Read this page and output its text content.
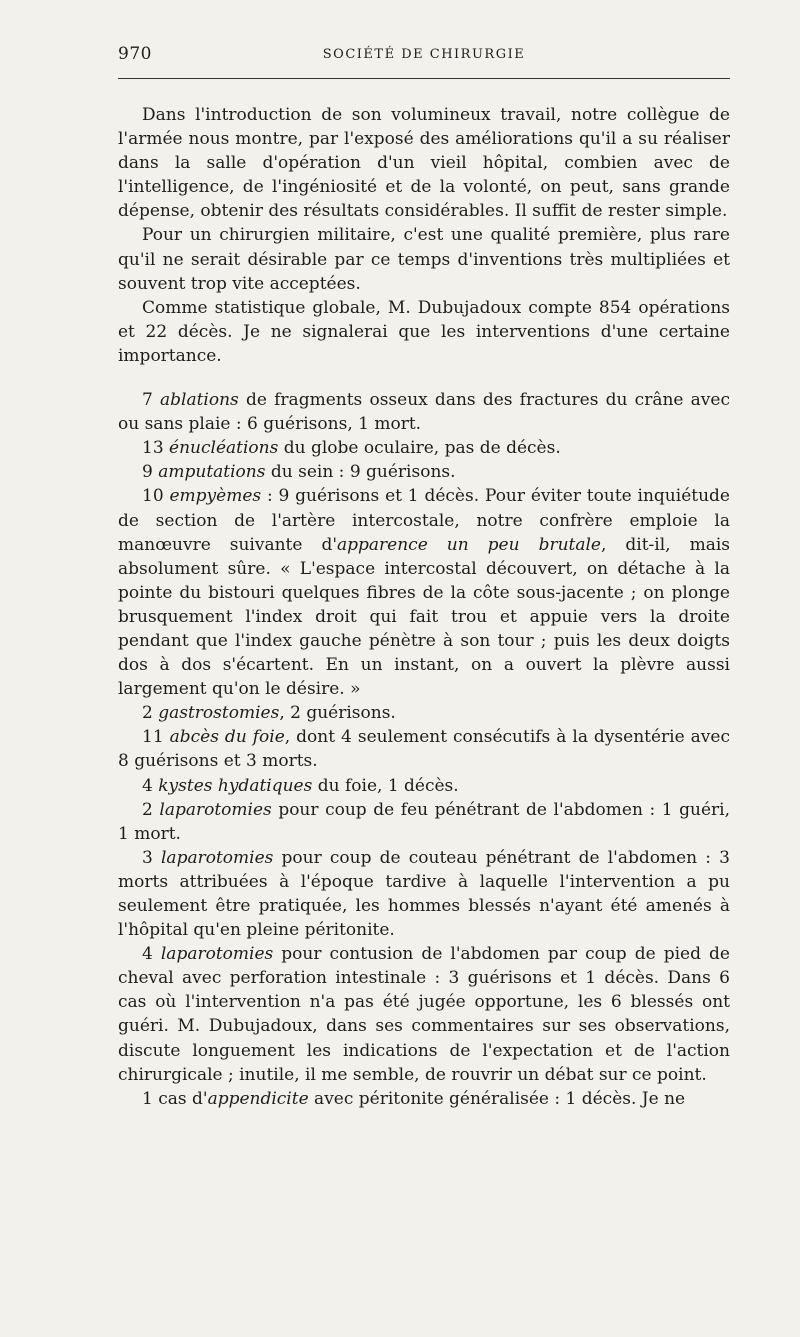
970	SOCIÉTÉ DE CHIRURGIE

Dans l'introduction de son volumineux travail, notre collègue de l'armée nous montre, par l'exposé des améliorations qu'il a su réaliser dans la salle d'opération d'un vieil hôpital, combien avec de l'intelligence, de l'ingéniosité et de la volonté, on peut, sans grande dépense, obtenir des résultats considérables. Il suffit de rester simple.

Pour un chirurgien militaire, c'est une qualité première, plus rare qu'il ne serait désirable par ce temps d'inventions très multipliées et souvent trop vite acceptées.

Comme statistique globale, M. Dubujadoux compte 854 opérations et 22 décès. Je ne signalerai que les interventions d'une certaine importance.

7 ablations de fragments osseux dans des fractures du crâne avec ou sans plaie : 6 guérisons, 1 mort.

13 énucléations du globe oculaire, pas de décès.

9 amputations du sein : 9 guérisons.

10 empyèmes : 9 guérisons et 1 décès. Pour éviter toute inquiétude de section de l'artère intercostale, notre confrère emploie la manœuvre suivante d'apparence un peu brutale, dit-il, mais absolument sûre. « L'espace intercostal découvert, on détache à la pointe du bistouri quelques fibres de la côte sous-jacente ; on plonge brusquement l'index droit qui fait trou et appuie vers la droite pendant que l'index gauche pénètre à son tour ; puis les deux doigts dos à dos s'écartent. En un instant, on a ouvert la plèvre aussi largement qu'on le désire. »

2 gastrostomies, 2 guérisons.

11 abcès du foie, dont 4 seulement consécutifs à la dysentérie avec 8 guérisons et 3 morts.

4 kystes hydatiques du foie, 1 décès.

2 laparotomies pour coup de feu pénétrant de l'abdomen : 1 guéri, 1 mort.

3 laparotomies pour coup de couteau pénétrant de l'abdomen : 3 morts attribuées à l'époque tardive à laquelle l'intervention a pu seulement être pratiquée, les hommes blessés n'ayant été amenés à l'hôpital qu'en pleine péritonite.

4 laparotomies pour contusion de l'abdomen par coup de pied de cheval avec perforation intestinale : 3 guérisons et 1 décès. Dans 6 cas où l'intervention n'a pas été jugée opportune, les 6 blessés ont guéri. M. Dubujadoux, dans ses commentaires sur ses observations, discute longuement les indications de l'expectation et de l'action chirurgicale ; inutile, il me semble, de rouvrir un débat sur ce point.

1 cas d'appendicite avec péritonite généralisée : 1 décès. Je ne
